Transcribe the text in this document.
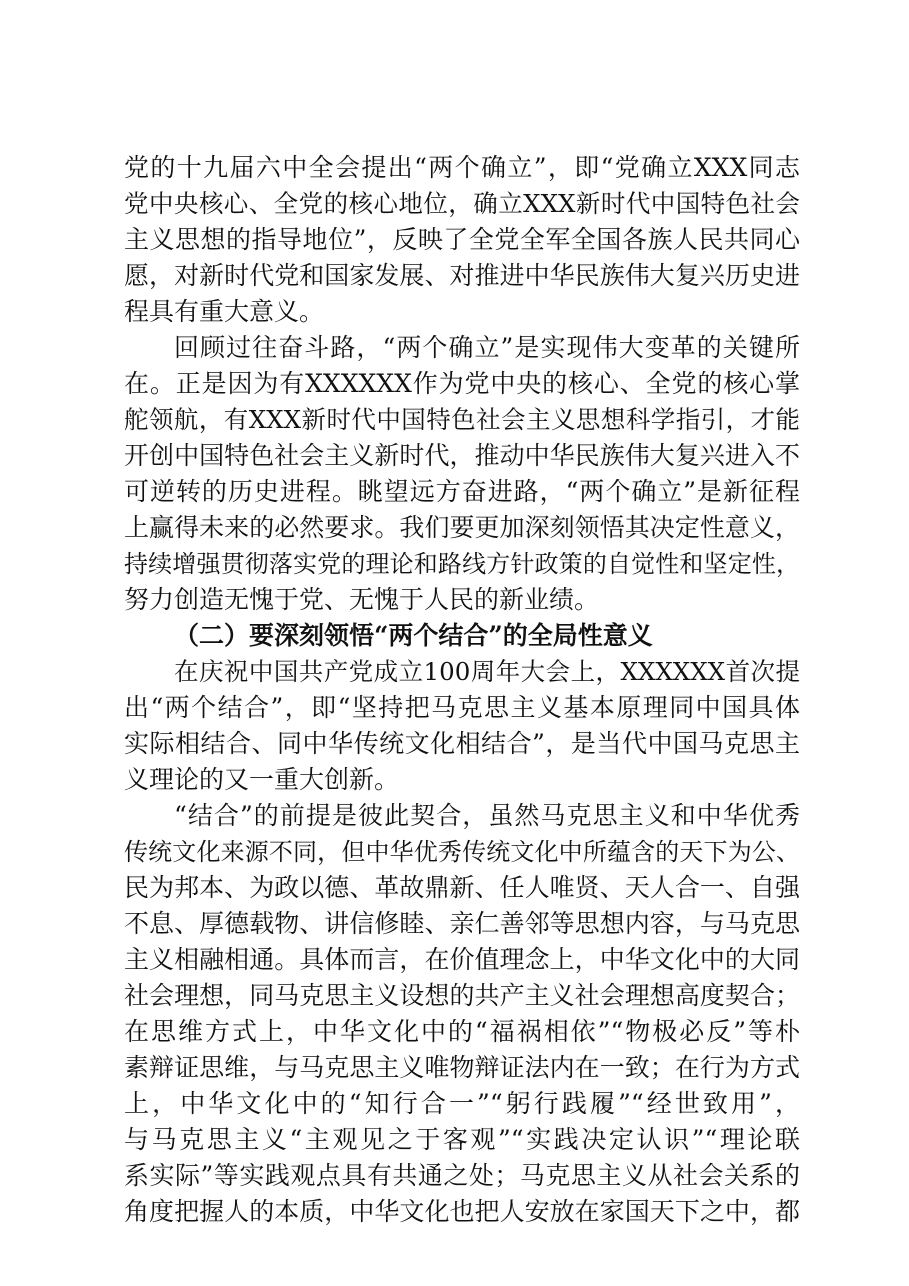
党的十九届六中全会提出“两个确立”，即“党确立XXX同志
党中央核心、全党的核心地位，确立XXX新时代中国特色社会
主义思想的指导地位”，反映了全党全军全国各族人民共同心
愿，对新时代党和国家发展、对推进中华民族伟大复兴历史进
程具有重大意义。
回顾过往奋斗路，“两个确立”是实现伟大变革的关键所
在。正是因为有XXXXXX作为党中央的核心、全党的核心掌
舵领航，有XXX新时代中国特色社会主义思想科学指引，才能
开创中国特色社会主义新时代，推动中华民族伟大复兴进入不
可逆转的历史进程。眺望远方奋进路，“两个确立”是新征程
上赢得未来的必然要求。我们要更加深刻领悟其决定性意义，
持续增强贯彻落实党的理论和路线方针政策的自觉性和坚定性，
努力创造无愧于党、无愧于人民的新业绩。
（二）要深刻领悟“两个结合”的全局性意义
在庆祝中国共产党成立100周年大会上，XXXXXX首次提
出“两个结合”，即“坚持把马克思主义基本原理同中国具体
实际相结合、同中华传统文化相结合”，是当代中国马克思主
义理论的又一重大创新。
“结合”的前提是彼此契合，虽然马克思主义和中华优秀
传统文化来源不同，但中华优秀传统文化中所蕴含的天下为公、
民为邦本、为政以德、革故鼎新、任人唯贤、天人合一、自强
不息、厚德载物、讲信修睦、亲仁善邻等思想内容，与马克思
主义相融相通。具体而言，在价值理念上，中华文化中的大同
社会理想，同马克思主义设想的共产主义社会理想高度契合；
在思维方式上，中华文化中的“福祸相依”“物极必反”等朴
素辩证思维，与马克思主义唯物辩证法内在一致；在行为方式
上，中华文化中的“知行合一”“躬行践履”“经世致用”，
与马克思主义“主观见之于客观”“实践决定认识”“理论联
系实际”等实践观点具有共通之处；马克思主义从社会关系的
角度把握人的本质，中华文化也把人安放在家国天下之中，都
